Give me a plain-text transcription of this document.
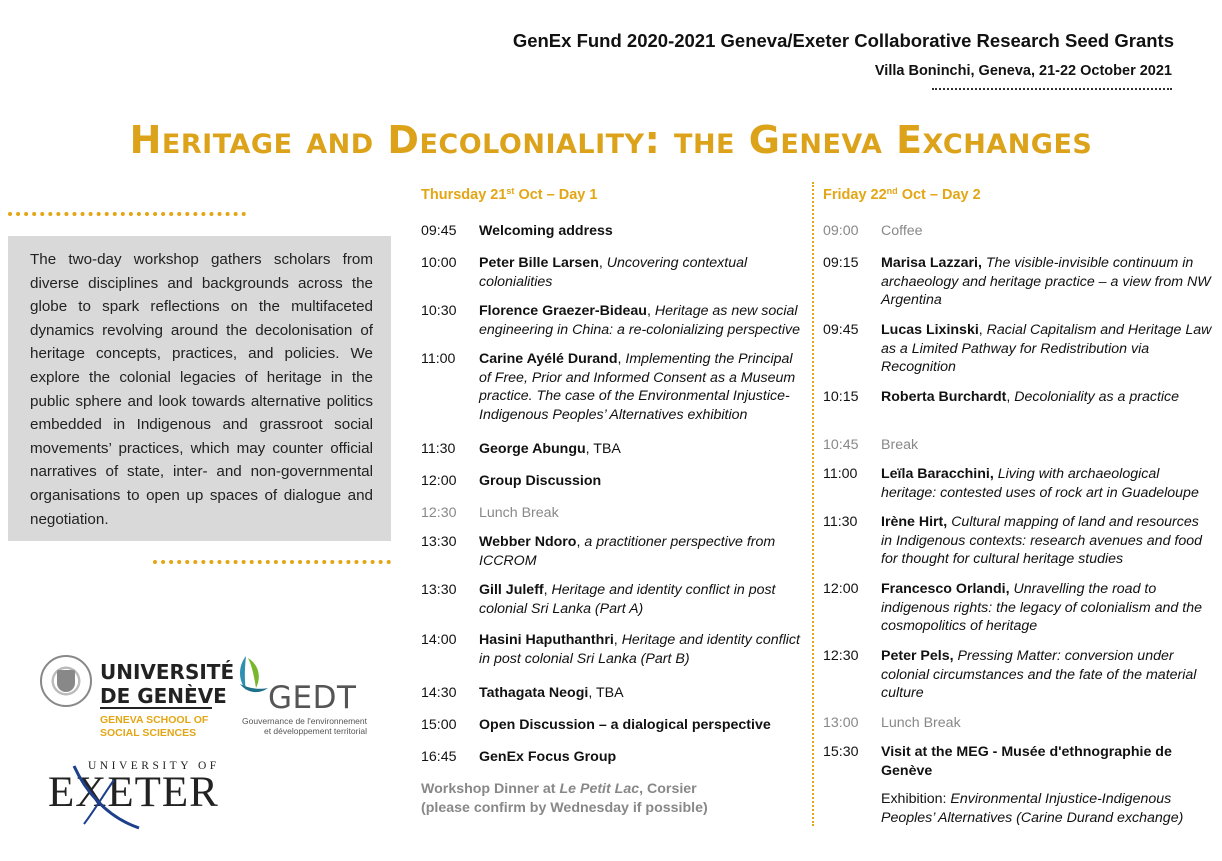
GenEx Fund 2020-2021 Geneva/Exeter Collaborative Research Seed Grants
Villa Boninchi, Geneva, 21-22 October 2021
Heritage and Decoloniality: the Geneva Exchanges
The two-day workshop gathers scholars from diverse disciplines and backgrounds across the globe to spark reflections on the multifaceted dynamics revolving around the decolonisation of heritage concepts, practices, and policies. We explore the colonial legacies of heritage in the public sphere and look towards alternative politics embedded in Indigenous and grassroot social movements’ practices, which may counter official narratives of state, inter- and non-governmental organisations to open up spaces of dialogue and negotiation.
UNIVERSITÉ
DE GENÈVE
GENEVA SCHOOL OF
SOCIAL SCIENCES
GEDT
Gouvernance de l'environnement
et développement territorial
UNIVERSITY OF
EXETER
Thursday 21st Oct – Day 1
09:45	Welcoming address
10:00	Peter Bille Larsen, Uncovering contextual colonialities
10:30	Florence Graezer-Bideau, Heritage as new social engineering in China: a re-colonializing perspective
11:00	Carine Ayélé Durand, Implementing the Principal of Free, Prior and Informed Consent as a Museum practice. The case of the Environmental Injustice-Indigenous Peoples’ Alternatives exhibition
11:30	George Abungu, TBA
12:00	Group Discussion
12:30	Lunch Break
13:30	Webber Ndoro, a practitioner perspective from ICCROM
13:30	Gill Juleff, Heritage and identity conflict in post colonial Sri Lanka (Part A)
14:00	Hasini Haputhanthri, Heritage and identity conflict in post colonial Sri Lanka (Part B)
14:30	Tathagata Neogi, TBA
15:00	Open Discussion – a dialogical perspective
16:45	GenEx Focus Group
Workshop Dinner at Le Petit Lac, Corsier
(please confirm by Wednesday if possible)
Friday 22nd Oct – Day 2
09:00	Coffee
09:15	Marisa Lazzari, The visible-invisible continuum in archaeology and heritage practice – a view from NW Argentina
09:45	Lucas Lixinski, Racial Capitalism and Heritage Law as a Limited Pathway for Redistribution via Recognition
10:15	Roberta Burchardt, Decoloniality as a practice
10:45	Break
11:00	Leïla Baracchini, Living with archaeological heritage: contested uses of rock art in Guadeloupe
11:30	Irène Hirt, Cultural mapping of land and resources in Indigenous contexts: research avenues and food for thought for cultural heritage studies
12:00	Francesco Orlandi, Unravelling the road to indigenous rights: the legacy of colonialism and the cosmopolitics of heritage
12:30	Peter Pels, Pressing Matter: conversion under colonial circumstances and the fate of the material culture
13:00	Lunch Break
15:30	Visit at the MEG - Musée d'ethnographie de Genève
Exhibition: Environmental Injustice-Indigenous Peoples’ Alternatives (Carine Durand exchange)
